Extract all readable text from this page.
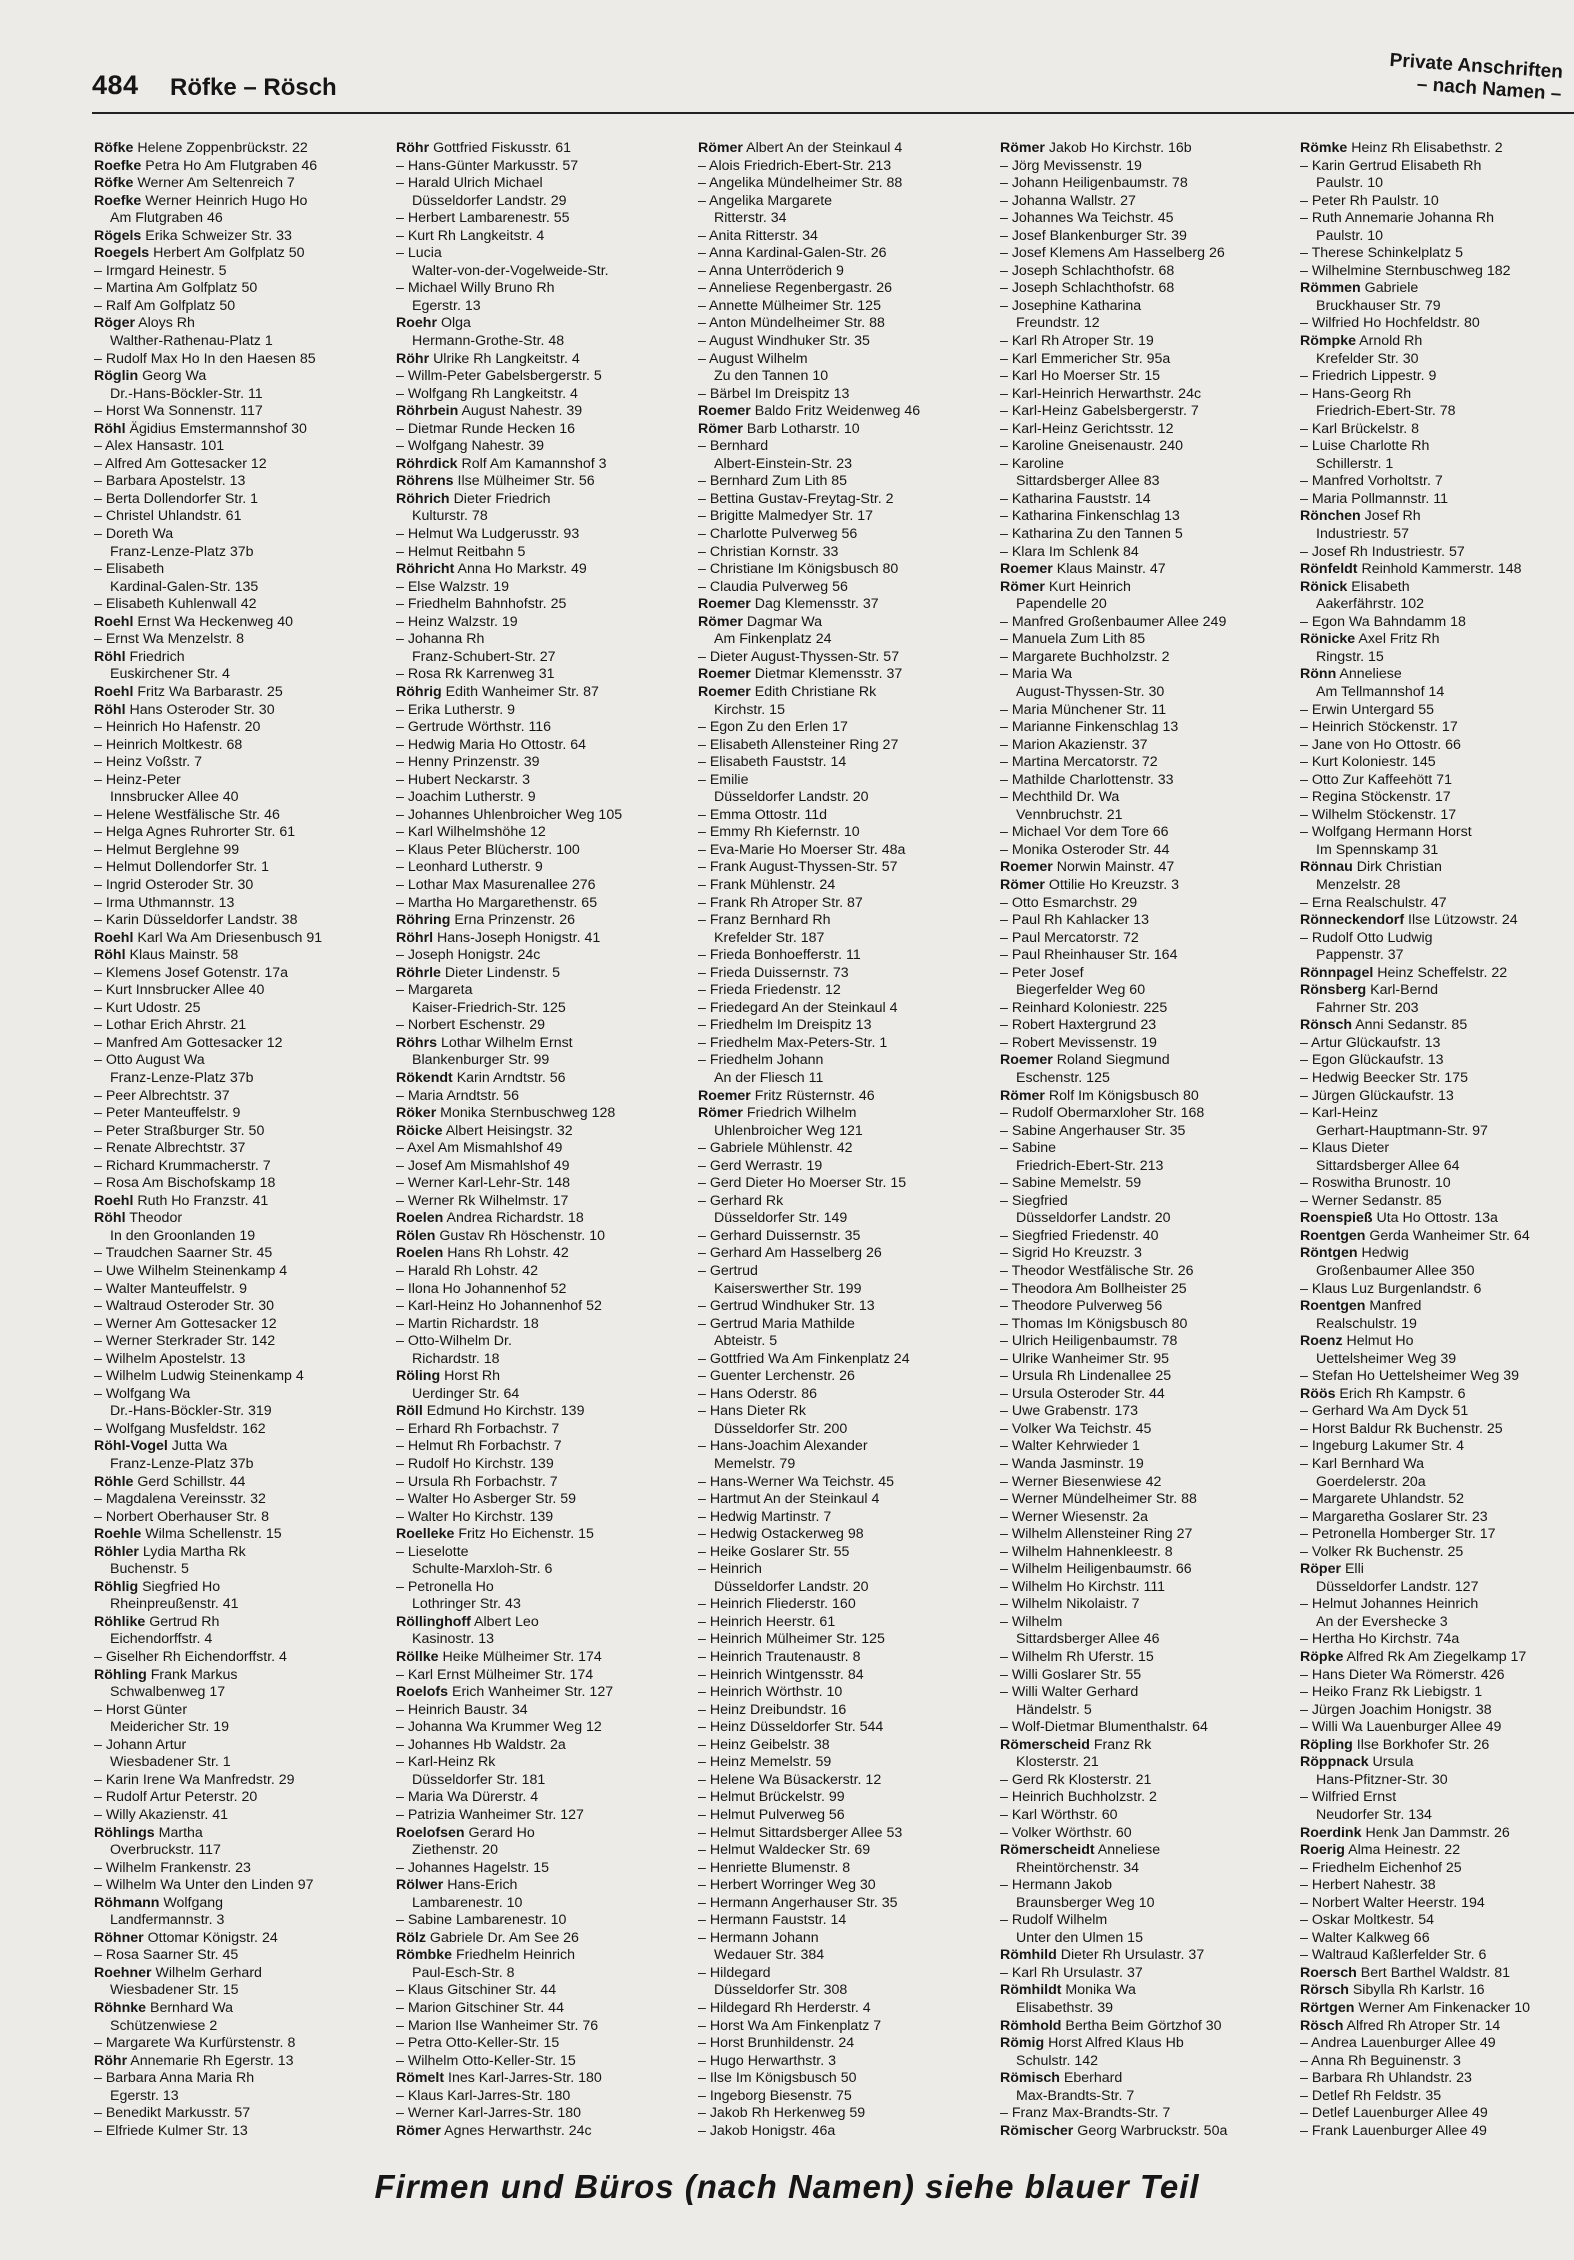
484 Röfke – Rösch
Private Anschriften
– nach Namen –
Röfke Helene Zoppenbrückstr. 22
Roefke Petra Ho Am Flutgraben 46
Röfke Werner Am Seltenreich 7
Roefke Werner Heinrich Hugo Ho
Am Flutgraben 46
Rögels Erika Schweizer Str. 33
Roegels Herbert Am Golfplatz 50
– Irmgard Heinestr. 5
– Martina Am Golfplatz 50
– Ralf Am Golfplatz 50
Röger Aloys Rh
Walther-Rathenau-Platz 1
– Rudolf Max Ho In den Haesen 85
Röglin Georg Wa
Dr.-Hans-Böckler-Str. 11
– Horst Wa Sonnenstr. 117
Röhl Ägidius Emstermannshof 30
– Alex Hansastr. 101
– Alfred Am Gottesacker 12
– Barbara Apostelstr. 13
– Berta Dollendorfer Str. 1
– Christel Uhlandstr. 61
– Doreth Wa
Franz-Lenze-Platz 37b
– Elisabeth
Kardinal-Galen-Str. 135
– Elisabeth Kuhlenwall 42
Roehl Ernst Wa Heckenweg 40
– Ernst Wa Menzelstr. 8
Röhl Friedrich
Euskirchener Str. 4
Roehl Fritz Wa Barbarastr. 25
Röhl Hans Osteroder Str. 30
– Heinrich Ho Hafenstr. 20
– Heinrich Moltkestr. 68
– Heinz Voßstr. 7
– Heinz-Peter
Innsbrucker Allee 40
– Helene Westfälische Str. 46
– Helga Agnes Ruhrorter Str. 61
– Helmut Berglehne 99
– Helmut Dollendorfer Str. 1
– Ingrid Osteroder Str. 30
– Irma Uthmannstr. 13
– Karin Düsseldorfer Landstr. 38
Roehl Karl Wa Am Driesenbusch 91
Röhl Klaus Mainstr. 58
– Klemens Josef Gotenstr. 17a
– Kurt Innsbrucker Allee 40
– Kurt Udostr. 25
– Lothar Erich Ahrstr. 21
– Manfred Am Gottesacker 12
– Otto August Wa
Franz-Lenze-Platz 37b
– Peer Albrechtstr. 37
– Peter Manteuffelstr. 9
– Peter Straßburger Str. 50
– Renate Albrechtstr. 37
– Richard Krummacherstr. 7
– Rosa Am Bischofskamp 18
Roehl Ruth Ho Franzstr. 41
Röhl Theodor
In den Groonlanden 19
– Traudchen Saarner Str. 45
– Uwe Wilhelm Steinenkamp 4
– Walter Manteuffelstr. 9
– Waltraud Osteroder Str. 30
– Werner Am Gottesacker 12
– Werner Sterkrader Str. 142
– Wilhelm Apostelstr. 13
– Wilhelm Ludwig Steinenkamp 4
– Wolfgang Wa
Dr.-Hans-Böckler-Str. 319
– Wolfgang Musfeldstr. 162
Röhl-Vogel Jutta Wa
Franz-Lenze-Platz 37b
Röhle Gerd Schillstr. 44
– Magdalena Vereinsstr. 32
– Norbert Oberhauser Str. 8
Roehle Wilma Schellenstr. 15
Röhler Lydia Martha Rk
Buchenstr. 5
Röhlig Siegfried Ho
Rheinpreußenstr. 41
Röhlike Gertrud Rh
Eichendorffstr. 4
– Giselher Rh Eichendorffstr. 4
Röhling Frank Markus
Schwalbenweg 17
– Horst Günter
Meidericher Str. 19
– Johann Artur
Wiesbadener Str. 1
– Karin Irene Wa Manfredstr. 29
– Rudolf Artur Peterstr. 20
– Willy Akazienstr. 41
Röhlings Martha
Overbruckstr. 117
– Wilhelm Frankenstr. 23
– Wilhelm Wa Unter den Linden 97
Röhmann Wolfgang
Landfermannstr. 3
Röhner Ottomar Königstr. 24
– Rosa Saarner Str. 45
Roehner Wilhelm Gerhard
Wiesbadener Str. 15
Röhnke Bernhard Wa
Schützenwiese 2
– Margarete Wa Kurfürstenstr. 8
Röhr Annemarie Rh Egerstr. 13
– Barbara Anna Maria Rh
Egerstr. 13
– Benedikt Markusstr. 57
– Elfriede Kulmer Str. 13
Röhr Gottfried Fiskusstr. 61
– Hans-Günter Markusstr. 57
– Harald Ulrich Michael
Düsseldorfer Landstr. 29
– Herbert Lambarenestr. 55
– Kurt Rh Langkeitstr. 4
– Lucia
Walter-von-der-Vogelweide-Str.
– Michael Willy Bruno Rh
Egerstr. 13
Roehr Olga
Hermann-Grothe-Str. 48
Röhr Ulrike Rh Langkeitstr. 4
– Willm-Peter Gabelsbergerstr. 5
– Wolfgang Rh Langkeitstr. 4
Röhrbein August Nahestr. 39
– Dietmar Runde Hecken 16
– Wolfgang Nahestr. 39
Röhrdick Rolf Am Kamannshof 3
Röhrens Ilse Mülheimer Str. 56
Röhrich Dieter Friedrich
Kulturstr. 78
– Helmut Wa Ludgerusstr. 93
– Helmut Reitbahn 5
Röhricht Anna Ho Markstr. 49
– Else Walzstr. 19
– Friedhelm Bahnhofstr. 25
– Heinz Walzstr. 19
– Johanna Rh
Franz-Schubert-Str. 27
– Rosa Rk Karrenweg 31
Röhrig Edith Wanheimer Str. 87
– Erika Lutherstr. 9
– Gertrude Wörthstr. 116
– Hedwig Maria Ho Ottostr. 64
– Henny Prinzenstr. 39
– Hubert Neckarstr. 3
– Joachim Lutherstr. 9
– Johannes Uhlenbroicher Weg 105
– Karl Wilhelmshöhe 12
– Klaus Peter Blücherstr. 100
– Leonhard Lutherstr. 9
– Lothar Max Masurenallee 276
– Martha Ho Margarethenstr. 65
Röhring Erna Prinzenstr. 26
Röhrl Hans-Joseph Honigstr. 41
– Joseph Honigstr. 24c
Röhrle Dieter Lindenstr. 5
– Margareta
Kaiser-Friedrich-Str. 125
– Norbert Eschenstr. 29
Röhrs Lothar Wilhelm Ernst
Blankenburger Str. 99
Rökendt Karin Arndtstr. 56
– Maria Arndtstr. 56
Röker Monika Sternbuschweg 128
Röicke Albert Heisingstr. 32
– Axel Am Mismahlshof 49
– Josef Am Mismahlshof 49
– Werner Karl-Lehr-Str. 148
– Werner Rk Wilhelmstr. 17
Roelen Andrea Richardstr. 18
Rölen Gustav Rh Höschenstr. 10
Roelen Hans Rh Lohstr. 42
– Harald Rh Lohstr. 42
– Ilona Ho Johannenhof 52
– Karl-Heinz Ho Johannenhof 52
– Martin Richardstr. 18
– Otto-Wilhelm Dr.
Richardstr. 18
Röling Horst Rh
Uerdinger Str. 64
Röll Edmund Ho Kirchstr. 139
– Erhard Rh Forbachstr. 7
– Helmut Rh Forbachstr. 7
– Rudolf Ho Kirchstr. 139
– Ursula Rh Forbachstr. 7
– Walter Ho Asberger Str. 59
– Walter Ho Kirchstr. 139
Roelleke Fritz Ho Eichenstr. 15
– Lieselotte
Schulte-Marxloh-Str. 6
– Petronella Ho
Lothringer Str. 43
Röllinghoff Albert Leo
Kasinostr. 13
Röllke Heike Mülheimer Str. 174
– Karl Ernst Mülheimer Str. 174
Roelofs Erich Wanheimer Str. 127
– Heinrich Baustr. 34
– Johanna Wa Krummer Weg 12
– Johannes Hb Waldstr. 2a
– Karl-Heinz Rk
Düsseldorfer Str. 181
– Maria Wa Dürerstr. 4
– Patrizia Wanheimer Str. 127
Roelofsen Gerard Ho
Ziethenstr. 20
– Johannes Hagelstr. 15
Rölwer Hans-Erich
Lambarenestr. 10
– Sabine Lambarenestr. 10
Rölz Gabriele Dr. Am See 26
Römbke Friedhelm Heinrich
Paul-Esch-Str. 8
– Klaus Gitschiner Str. 44
– Marion Gitschiner Str. 44
– Marion Ilse Wanheimer Str. 76
– Petra Otto-Keller-Str. 15
– Wilhelm Otto-Keller-Str. 15
Römelt Ines Karl-Jarres-Str. 180
– Klaus Karl-Jarres-Str. 180
– Werner Karl-Jarres-Str. 180
Römer Agnes Herwarthstr. 24c
Römer Albert An der Steinkaul 4
– Alois Friedrich-Ebert-Str. 213
– Angelika Mündelheimer Str. 88
– Angelika Margarete
Ritterstr. 34
– Anita Ritterstr. 34
– Anna Kardinal-Galen-Str. 26
– Anna Unterröderich 9
– Anneliese Regenbergastr. 26
– Annette Mülheimer Str. 125
– Anton Mündelheimer Str. 88
– August Windhuker Str. 35
– August Wilhelm
Zu den Tannen 10
– Bärbel Im Dreispitz 13
Roemer Baldo Fritz Weidenweg 46
Römer Barb Lotharstr. 10
– Bernhard
Albert-Einstein-Str. 23
– Bernhard Zum Lith 85
– Bettina Gustav-Freytag-Str. 2
– Brigitte Malmedyer Str. 17
– Charlotte Pulverweg 56
– Christian Kornstr. 33
– Christiane Im Königsbusch 80
– Claudia Pulverweg 56
Roemer Dag Klemensstr. 37
Römer Dagmar Wa
Am Finkenplatz 24
– Dieter August-Thyssen-Str. 57
Roemer Dietmar Klemensstr. 37
Roemer Edith Christiane Rk
Kirchstr. 15
– Egon Zu den Erlen 17
– Elisabeth Allensteiner Ring 27
– Elisabeth Fauststr. 14
– Emilie
Düsseldorfer Landstr. 20
– Emma Ottostr. 11d
– Emmy Rh Kiefernstr. 10
– Eva-Marie Ho Moerser Str. 48a
– Frank August-Thyssen-Str. 57
– Frank Mühlenstr. 24
– Frank Rh Atroper Str. 87
– Franz Bernhard Rh
Krefelder Str. 187
– Frieda Bonhoefferstr. 11
– Frieda Duissernstr. 73
– Frieda Friedenstr. 12
– Friedegard An der Steinkaul 4
– Friedhelm Im Dreispitz 13
– Friedhelm Max-Peters-Str. 1
– Friedhelm Johann
An der Fliesch 11
Roemer Fritz Rüsternstr. 46
Römer Friedrich Wilhelm
Uhlenbroicher Weg 121
– Gabriele Mühlenstr. 42
– Gerd Werrastr. 19
– Gerd Dieter Ho Moerser Str. 15
– Gerhard Rk
Düsseldorfer Str. 149
– Gerhard Duissernstr. 35
– Gerhard Am Hasselberg 26
– Gertrud
Kaiserswerther Str. 199
– Gertrud Windhuker Str. 13
– Gertrud Maria Mathilde
Abteistr. 5
– Gottfried Wa Am Finkenplatz 24
– Guenter Lerchenstr. 26
– Hans Oderstr. 86
– Hans Dieter Rk
Düsseldorfer Str. 200
– Hans-Joachim Alexander
Memelstr. 79
– Hans-Werner Wa Teichstr. 45
– Hartmut An der Steinkaul 4
– Hedwig Martinstr. 7
– Hedwig Ostackerweg 98
– Heike Goslarer Str. 55
– Heinrich
Düsseldorfer Landstr. 20
– Heinrich Fliederstr. 160
– Heinrich Heerstr. 61
– Heinrich Mülheimer Str. 125
– Heinrich Trautenaustr. 8
– Heinrich Wintgensstr. 84
– Heinrich Wörthstr. 10
– Heinz Dreibundstr. 16
– Heinz Düsseldorfer Str. 544
– Heinz Geibelstr. 38
– Heinz Memelstr. 59
– Helene Wa Büsackerstr. 12
– Helmut Brückelstr. 99
– Helmut Pulverweg 56
– Helmut Sittardsberger Allee 53
– Helmut Waldecker Str. 69
– Henriette Blumenstr. 8
– Herbert Worringer Weg 30
– Hermann Angerhauser Str. 35
– Hermann Fauststr. 14
– Hermann Johann
Wedauer Str. 384
– Hildegard
Düsseldorfer Str. 308
– Hildegard Rh Herderstr. 4
– Horst Wa Am Finkenplatz 7
– Horst Brunhildenstr. 24
– Hugo Herwarthstr. 3
– Ilse Im Königsbusch 50
– Ingeborg Biesenstr. 75
– Jakob Rh Herkenweg 59
– Jakob Honigstr. 46a
Römer Jakob Ho Kirchstr. 16b
– Jörg Mevissenstr. 19
– Johann Heiligenbaumstr. 78
– Johanna Wallstr. 27
– Johannes Wa Teichstr. 45
– Josef Blankenburger Str. 39
– Josef Klemens Am Hasselberg 26
– Joseph Schlachthofstr. 68
– Joseph Schlachthofstr. 68
– Josephine Katharina
Freundstr. 12
– Karl Rh Atroper Str. 19
– Karl Emmericher Str. 95a
– Karl Ho Moerser Str. 15
– Karl-Heinrich Herwarthstr. 24c
– Karl-Heinz Gabelsbergerstr. 7
– Karl-Heinz Gerichtsstr. 12
– Karoline Gneisenaustr. 240
– Karoline
Sittardsberger Allee 83
– Katharina Fauststr. 14
– Katharina Finkenschlag 13
– Katharina Zu den Tannen 5
– Klara Im Schlenk 84
Roemer Klaus Mainstr. 47
Römer Kurt Heinrich
Papendelle 20
– Manfred Großenbaumer Allee 249
– Manuela Zum Lith 85
– Margarete Buchholzstr. 2
– Maria Wa
August-Thyssen-Str. 30
– Maria Münchener Str. 11
– Marianne Finkenschlag 13
– Marion Akazienstr. 37
– Martina Mercatorstr. 72
– Mathilde Charlottenstr. 33
– Mechthild Dr. Wa
Vennbruchstr. 21
– Michael Vor dem Tore 66
– Monika Osteroder Str. 44
Roemer Norwin Mainstr. 47
Römer Ottilie Ho Kreuzstr. 3
– Otto Esmarchstr. 29
– Paul Rh Kahlacker 13
– Paul Mercatorstr. 72
– Paul Rheinhauser Str. 164
– Peter Josef
Biegerfelder Weg 60
– Reinhard Koloniestr. 225
– Robert Haxtergrund 23
– Robert Mevissenstr. 19
Roemer Roland Siegmund
Eschenstr. 125
Römer Rolf Im Königsbusch 80
– Rudolf Obermarxloher Str. 168
– Sabine Angerhauser Str. 35
– Sabine
Friedrich-Ebert-Str. 213
– Sabine Memelstr. 59
– Siegfried
Düsseldorfer Landstr. 20
– Siegfried Friedenstr. 40
– Sigrid Ho Kreuzstr. 3
– Theodor Westfälische Str. 26
– Theodora Am Bollheister 25
– Theodore Pulverweg 56
– Thomas Im Königsbusch 80
– Ulrich Heiligenbaumstr. 78
– Ulrike Wanheimer Str. 95
– Ursula Rh Lindenallee 25
– Ursula Osteroder Str. 44
– Uwe Grabenstr. 173
– Volker Wa Teichstr. 45
– Walter Kehrwieder 1
– Wanda Jasminstr. 19
– Werner Biesenwiese 42
– Werner Mündelheimer Str. 88
– Werner Wiesenstr. 2a
– Wilhelm Allensteiner Ring 27
– Wilhelm Hahnenkleestr. 8
– Wilhelm Heiligenbaumstr. 66
– Wilhelm Ho Kirchstr. 111
– Wilhelm Nikolaistr. 7
– Wilhelm
Sittardsberger Allee 46
– Wilhelm Rh Uferstr. 15
– Willi Goslarer Str. 55
– Willi Walter Gerhard
Händelstr. 5
– Wolf-Dietmar Blumenthalstr. 64
Römerscheid Franz Rk
Klosterstr. 21
– Gerd Rk Klosterstr. 21
– Heinrich Buchholzstr. 2
– Karl Wörthstr. 60
– Volker Wörthstr. 60
Römerscheidt Anneliese
Rheintörchenstr. 34
– Hermann Jakob
Braunsberger Weg 10
– Rudolf Wilhelm
Unter den Ulmen 15
Römhild Dieter Rh Ursulastr. 37
– Karl Rh Ursulastr. 37
Römhildt Monika Wa
Elisabethstr. 39
Römhold Bertha Beim Görtzhof 30
Römig Horst Alfred Klaus Hb
Schulstr. 142
Römisch Eberhard
Max-Brandts-Str. 7
– Franz Max-Brandts-Str. 7
Römischer Georg Warbruckstr. 50a
Römke Heinz Rh Elisabethstr. 2
– Karin Gertrud Elisabeth Rh
Paulstr. 10
– Peter Rh Paulstr. 10
– Ruth Annemarie Johanna Rh
Paulstr. 10
– Therese Schinkelplatz 5
– Wilhelmine Sternbuschweg 182
Römmen Gabriele
Bruckhauser Str. 79
– Wilfried Ho Hochfeldstr. 80
Römpke Arnold Rh
Krefelder Str. 30
– Friedrich Lippestr. 9
– Hans-Georg Rh
Friedrich-Ebert-Str. 78
– Karl Brückelstr. 8
– Luise Charlotte Rh
Schillerstr. 1
– Manfred Vorholtstr. 7
– Maria Pollmannstr. 11
Rönchen Josef Rh
Industriestr. 57
– Josef Rh Industriestr. 57
Rönfeldt Reinhold Kammerstr. 148
Rönick Elisabeth
Aakerfährstr. 102
– Egon Wa Bahndamm 18
Rönicke Axel Fritz Rh
Ringstr. 15
Rönn Anneliese
Am Tellmannshof 14
– Erwin Untergard 55
– Heinrich Stöckenstr. 17
– Jane von Ho Ottostr. 66
– Kurt Koloniestr. 145
– Otto Zur Kaffeehött 71
– Regina Stöckenstr. 17
– Wilhelm Stöckenstr. 17
– Wolfgang Hermann Horst
Im Spennskamp 31
Rönnau Dirk Christian
Menzelstr. 28
– Erna Realschulstr. 47
Rönneckendorf Ilse Lützowstr. 24
– Rudolf Otto Ludwig
Pappenstr. 37
Rönnpagel Heinz Scheffelstr. 22
Rönsberg Karl-Bernd
Fahrner Str. 203
Rönsch Anni Sedanstr. 85
– Artur Glückaufstr. 13
– Egon Glückaufstr. 13
– Hedwig Beecker Str. 175
– Jürgen Glückaufstr. 13
– Karl-Heinz
Gerhart-Hauptmann-Str. 97
– Klaus Dieter
Sittardsberger Allee 64
– Roswitha Brunostr. 10
– Werner Sedanstr. 85
Roenspieß Uta Ho Ottostr. 13a
Roentgen Gerda Wanheimer Str. 64
Röntgen Hedwig
Großenbaumer Allee 350
– Klaus Luz Burgenlandstr. 6
Roentgen Manfred
Realschulstr. 19
Roenz Helmut Ho
Uettelsheimer Weg 39
– Stefan Ho Uettelsheimer Weg 39
Röös Erich Rh Kampstr. 6
– Gerhard Wa Am Dyck 51
– Horst Baldur Rk Buchenstr. 25
– Ingeburg Lakumer Str. 4
– Karl Bernhard Wa
Goerdelerstr. 20a
– Margarete Uhlandstr. 52
– Margaretha Goslarer Str. 23
– Petronella Homberger Str. 17
– Volker Rk Buchenstr. 25
Röper Elli
Düsseldorfer Landstr. 127
– Helmut Johannes Heinrich
An der Evershecke 3
– Hertha Ho Kirchstr. 74a
Röpke Alfred Rk Am Ziegelkamp 17
– Hans Dieter Wa Römerstr. 426
– Heiko Franz Rk Liebigstr. 1
– Jürgen Joachim Honigstr. 38
– Willi Wa Lauenburger Allee 49
Röpling Ilse Borkhofer Str. 26
Röppnack Ursula
Hans-Pfitzner-Str. 30
– Wilfried Ernst
Neudorfer Str. 134
Roerdink Henk Jan Dammstr. 26
Roerig Alma Heinestr. 22
– Friedhelm Eichenhof 25
– Herbert Nahestr. 38
– Norbert Walter Heerstr. 194
– Oskar Moltkestr. 54
– Walter Kalkweg 66
– Waltraud Kaßlerfelder Str. 6
Roersch Bert Barthel Waldstr. 81
Rörsch Sibylla Rh Karlstr. 16
Rörtgen Werner Am Finkenacker 10
Rösch Alfred Rh Atroper Str. 14
– Andrea Lauenburger Allee 49
– Anna Rh Beguinenstr. 3
– Barbara Rh Uhlandstr. 23
– Detlef Rh Feldstr. 35
– Detlef Lauenburger Allee 49
– Frank Lauenburger Allee 49
Firmen und Büros (nach Namen) siehe blauer Teil
